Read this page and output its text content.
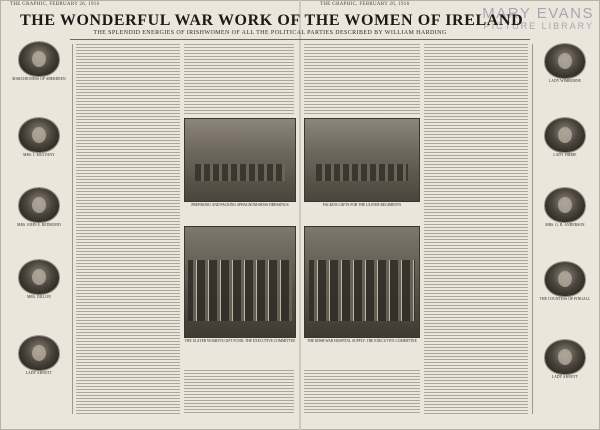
THE GRAPHIC, FEBRUARY 26, 1916	THE GRAPHIC, FEBRUARY 26, 1916
MARY EVANS
PICTURE LIBRARY
THE WONDERFUL WAR WORK OF THE WOMEN OF IRELAND
THE SPLENDID ENERGIES OF IRISHWOMEN OF ALL THE POLITICAL PARTIES DESCRIBED BY WILLIAM HARDING
MARCHIONESS OF ABERDEEN
MRS. J. MULVANY
MRS. JOHN E. REDMOND
MRS. DILLON
LADY ARNOTT
PREPARING AND PACKING SPHAGNUM-MOSS DRESSINGS
THE ULSTER WOMEN'S GIFT FUND: THE EXECUTIVE COMMITTEE
PACKING GIFTS FOR THE ULSTER REGIMENTS
THE IRISH WAR HOSPITAL SUPPLY: THE EXECUTIVE COMMITTEE
LADY WIMBORNE
LADY PIRRIE
MRS. G. R. ANDERSON
THE COUNTESS OF FINGALL
LADY ARNOTT
